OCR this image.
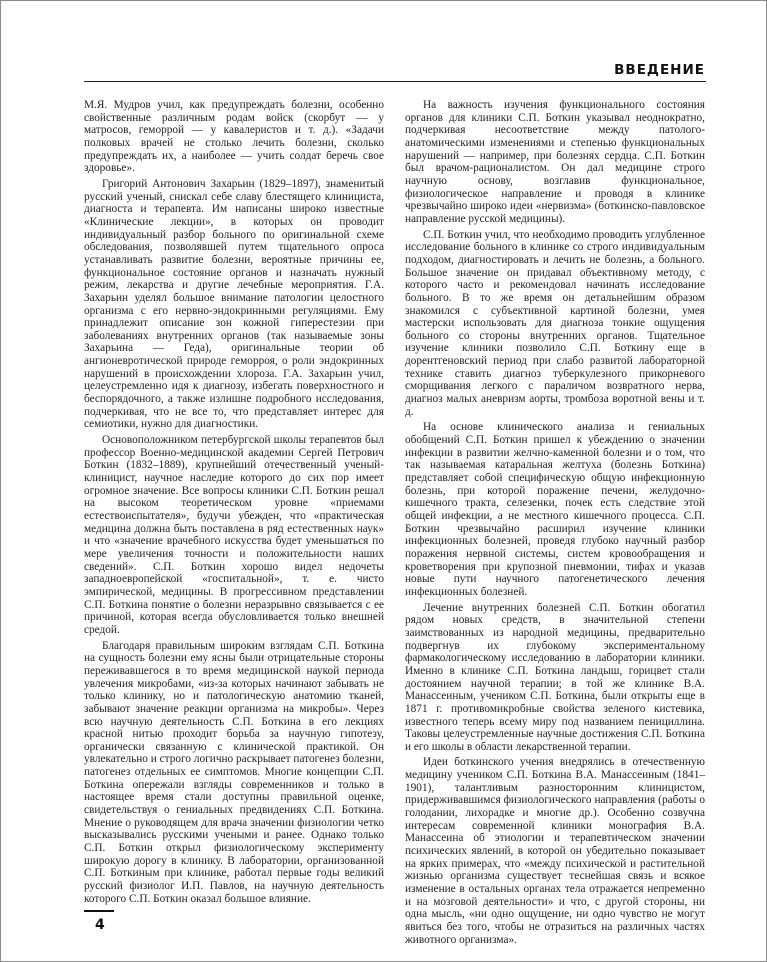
ВВЕДЕНИЕ

М.Я. Мудров учил, как предупреждать болезни, особенно свойственные различным родам войск (скорбут — у матросов, геморрой — у кавалеристов и т. д.). «Задачи полковых врачей не столько лечить болезни, сколько предупреждать их, а наиболее — учить солдат беречь свое здоровье».

Григорий Антонович Захарьин (1829–1897), знаменитый русский ученый, снискал себе славу блестящего клинициста, диагноста и терапевта. Им написаны широко известные «Клинические лекции», в которых он проводит индивидуальный разбор больного по оригинальной схеме обследования, позволявшей путем тщательного опроса устанавливать развитие болезни, вероятные причины ее, функциональное состояние органов и назначать нужный режим, лекарства и другие лечебные мероприятия. Г.А. Захарьин уделял большое внимание патологии целостного организма с его нервно-эндокринными регуляциями. Ему принадлежит описание зон кожной гиперестезии при заболеваниях внутренних органов (так называемые зоны Захарьина — Геда), оригинальные теории об ангионевротической природе геморроя, о роли эндокринных нарушений в происхождении хлороза. Г.А. Захарьин учил, целеустремленно идя к диагнозу, избегать поверхностного и беспорядочного, а также излишне подробного исследования, подчеркивая, что не все то, что представляет интерес для семиотики, нужно для диагностики.

Основоположником петербургской школы терапевтов был профессор Военно-медицинской академии Сергей Петрович Боткин (1832–1889), крупнейший отечественный ученый-клиницист, научное наследие которого до сих пор имеет огромное значение. Все вопросы клиники С.П. Боткин решал на высоком теоретическом уровне «приемами естествоиспытателя», будучи убежден, что «практическая медицина должна быть поставлена в ряд естественных наук» и что «значение врачебного искусства будет уменьшаться по мере увеличения точности и положительности наших сведений». С.П. Боткин хорошо видел недочеты западноевропейской «госпитальной», т. е. чисто эмпирической, медицины. В прогрессивном представлении С.П. Боткина понятие о болезни неразрывно связывается с ее причиной, которая всегда обусловливается только внешней средой.

Благодаря правильным широким взглядам С.П. Боткина на сущность болезни ему ясны были отрицательные стороны переживавшегося в то время медицинской наукой периода увлечения микробами, «из-за которых начинают забывать не только клинику, но и патологическую анатомию тканей, забывают значение реакции организма на микробы». Через всю научную деятельность С.П. Боткина в его лекциях красной нитью проходит борьба за научную гипотезу, органически связанную с клинической практикой. Он увлекательно и строго логично раскрывает патогенез болезни, патогенез отдельных ее симптомов. Многие концепции С.П. Боткина опережали взгляды современников и только в настоящее время стали доступны правильной оценке, свидетельствуя о гениальных предвидениях С.П. Боткина. Мнение о руководящем для врача значении физиологии четко высказывались русскими учеными и ранее. Однако только С.П. Боткин открыл физиологическому эксперименту широкую дорогу в клинику. В лаборатории, организованной С.П. Боткиным при клинике, работал первые годы великий русский физиолог И.П. Павлов, на научную деятельность которого С.П. Боткин оказал большое влияние.

На важность изучения функционального состояния органов для клиники С.П. Боткин указывал неоднократно, подчеркивая несоответствие между патолого-анатомическими изменениями и степенью функциональных нарушений — например, при болезнях сердца. С.П. Боткин был врачом-рационалистом. Он дал медицине строго научную основу, возглавив функциональное, физиологическое направление и проводя в клинике чрезвычайно широко идеи «нервизма» (боткинско-павловское направление русской медицины).

С.П. Боткин учил, что необходимо проводить углубленное исследование больного в клинике со строго индивидуальным подходом, диагностировать и лечить не болезнь, а больного. Большое значение он придавал объективному методу, с которого часто и рекомендовал начинать исследование больного. В то же время он детальнейшим образом знакомился с субъективной картиной болезни, умея мастерски использовать для диагноза тонкие ощущения больного со стороны внутренних органов. Тщательное изучение клиники позволило С.П. Боткину еще в дорентгеновский период при слабо развитой лабораторной технике ставить диагноз туберкулезного прикорневого сморщивания легкого с параличом возвратного нерва, диагноз малых аневризм аорты, тромбоза воротной вены и т. д.

На основе клинического анализа и гениальных обобщений С.П. Боткин пришел к убеждению о значении инфекции в развитии желчно-каменной болезни и о том, что так называемая катаральная желтуха (болезнь Боткина) представляет собой специфическую общую инфекционную болезнь, при которой поражение печени, желудочно-кишечного тракта, селезенки, почек есть следствие этой общей инфекции, а не местного кишечного процесса. С.П. Боткин чрезвычайно расширил изучение клиники инфекционных болезней, проведя глубоко научный разбор поражения нервной системы, систем кровообращения и кроветворения при крупозной пневмонии, тифах и указав новые пути научного патогенетического лечения инфекционных болезней.

Лечение внутренних болезней С.П. Боткин обогатил рядом новых средств, в значительной степени заимствованных из народной медицины, предварительно подвергнув их глубокому экспериментальному фармакологическому исследованию в лаборатории клиники. Именно в клинике С.П. Боткина ландыш, горицвет стали достоянием научной терапии; в той же клинике В.А. Манассеиным, учеником С.П. Боткина, были открыты еще в 1871 г. противомикробные свойства зеленого кистевика, известного теперь всему миру под названием пенициллина. Таковы целеустремленные научные достижения С.П. Боткина и его школы в области лекарственной терапии.

Идеи боткинского учения внедрялись в отечественную медицину учеником С.П. Боткина В.А. Манассеиным (1841–1901), талантливым разносторонним клиницистом, придерживавшимся физиологического направления (работы о голодании, лихорадке и многие др.). Особенно созвучна интересам современной клиники монография В.А. Манассеина об этиологии и терапевтическом значении психических явлений, в которой он убедительно показывает на ярких примерах, что «между психической и растительной жизнью организма существует теснейшая связь и всякое изменение в остальных органах тела отражается непременно и на мозговой деятельности» и что, с другой стороны, ни одна мысль, «ни одно ощущение, ни одно чувство не могут явиться без того, чтобы не отразиться на различных частях животного организма».

4
